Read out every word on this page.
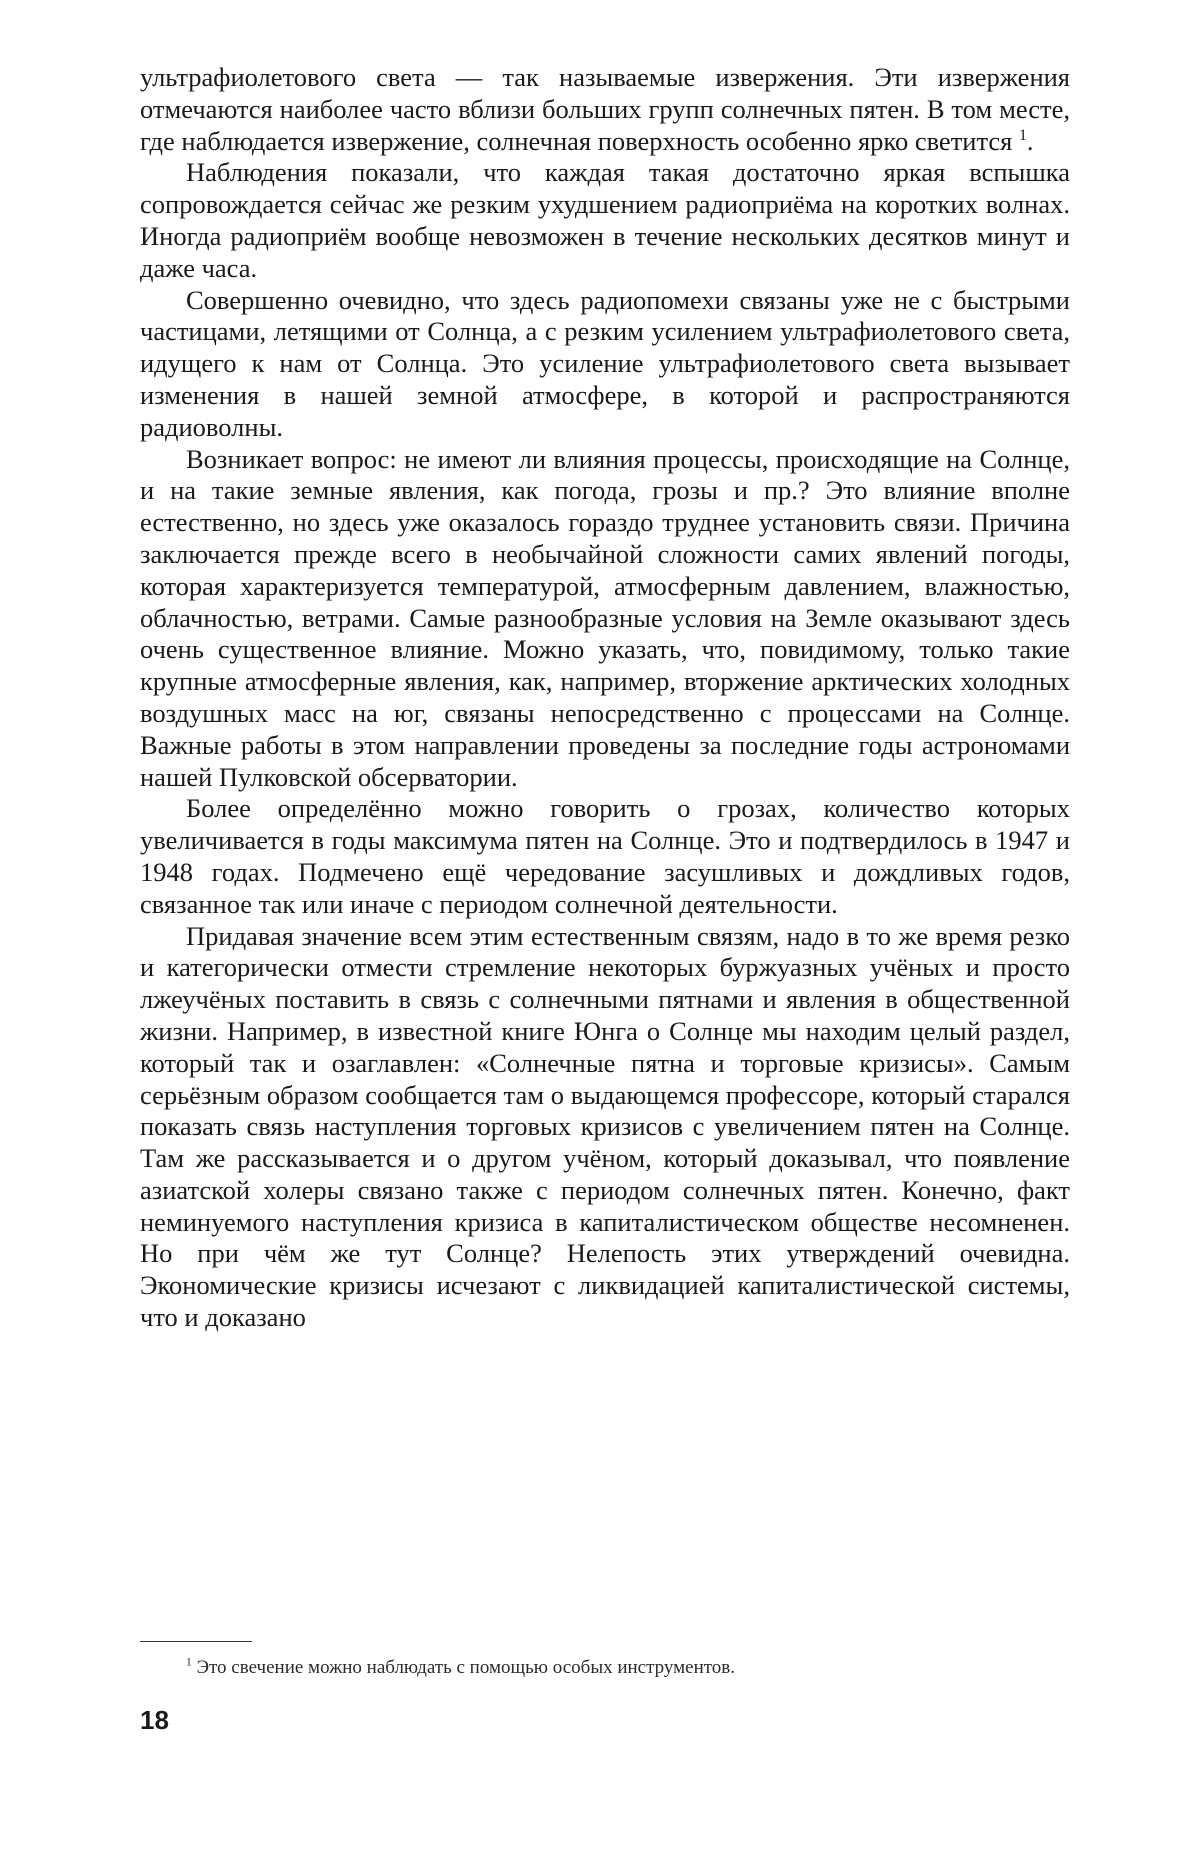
ультрафиолетового света — так называемые извержения. Эти извержения отмечаются наиболее часто вблизи больших групп солнечных пятен. В том месте, где наблюдается извержение, солнечная поверхность особенно ярко светится $^1$.

Наблюдения показали, что каждая такая достаточно яркая вспышка сопровождается сейчас же резким ухудшением радиоприёма на коротких волнах. Иногда радиоприём вообще невозможен в течение нескольких десятков минут и даже часа.

Совершенно очевидно, что здесь радиопомехи связаны уже не с быстрыми частицами, летящими от Солнца, а с резким усилением ультрафиолетового света, идущего к нам от Солнца. Это усиление ультрафиолетового света вызывает изменения в нашей земной атмосфере, в которой и распространяются радиоволны.

Возникает вопрос: не имеют ли влияния процессы, происходящие на Солнце, и на такие земные явления, как погода, грозы и пр.? Это влияние вполне естественно, но здесь уже оказалось гораздо труднее установить связи. Причина заключается прежде всего в необычайной сложности самих явлений погоды, которая характеризуется температурой, атмосферным давлением, влажностью, облачностью, ветрами. Самые разнообразные условия на Земле оказывают здесь очень существенное влияние. Можно указать, что, повидимому, только такие крупные атмосферные явления, как, например, вторжение арктических холодных воздушных масс на юг, связаны непосредственно с процессами на Солнце. Важные работы в этом направлении проведены за последние годы астрономами нашей Пулковской обсерватории.

Более определённо можно говорить о грозах, количество которых увеличивается в годы максимума пятен на Солнце. Это и подтвердилось в 1947 и 1948 годах. Подмечено ещё чередование засушливых и дождливых годов, связанное так или иначе с периодом солнечной деятельности.

Придавая значение всем этим естественным связям, надо в то же время резко и категорически отмести стремление некоторых буржуазных учёных и просто лжеучёных поставить в связь с солнечными пятнами и явления в общественной жизни. Например, в известной книге Юнга о Солнце мы находим целый раздел, который так и озаглавлен: «Солнечные пятна и торговые кризисы». Самым серьёзным образом сообщается там о выдающемся профессоре, который старался показать связь наступления торговых кризисов с увеличением пятен на Солнце. Там же рассказывается и о другом учёном, который доказывал, что появление азиатской холеры связано также с периодом солнечных пятен. Конечно, факт неминуемого наступления кризиса в капиталистическом обществе несомненен. Но при чём же тут Солнце? Нелепость этих утверждений очевидна. Экономические кризисы исчезают с ликвидацией капиталистической системы, что и доказано

$^1$ Это свечение можно наблюдать с помощью особых инструментов.
18
